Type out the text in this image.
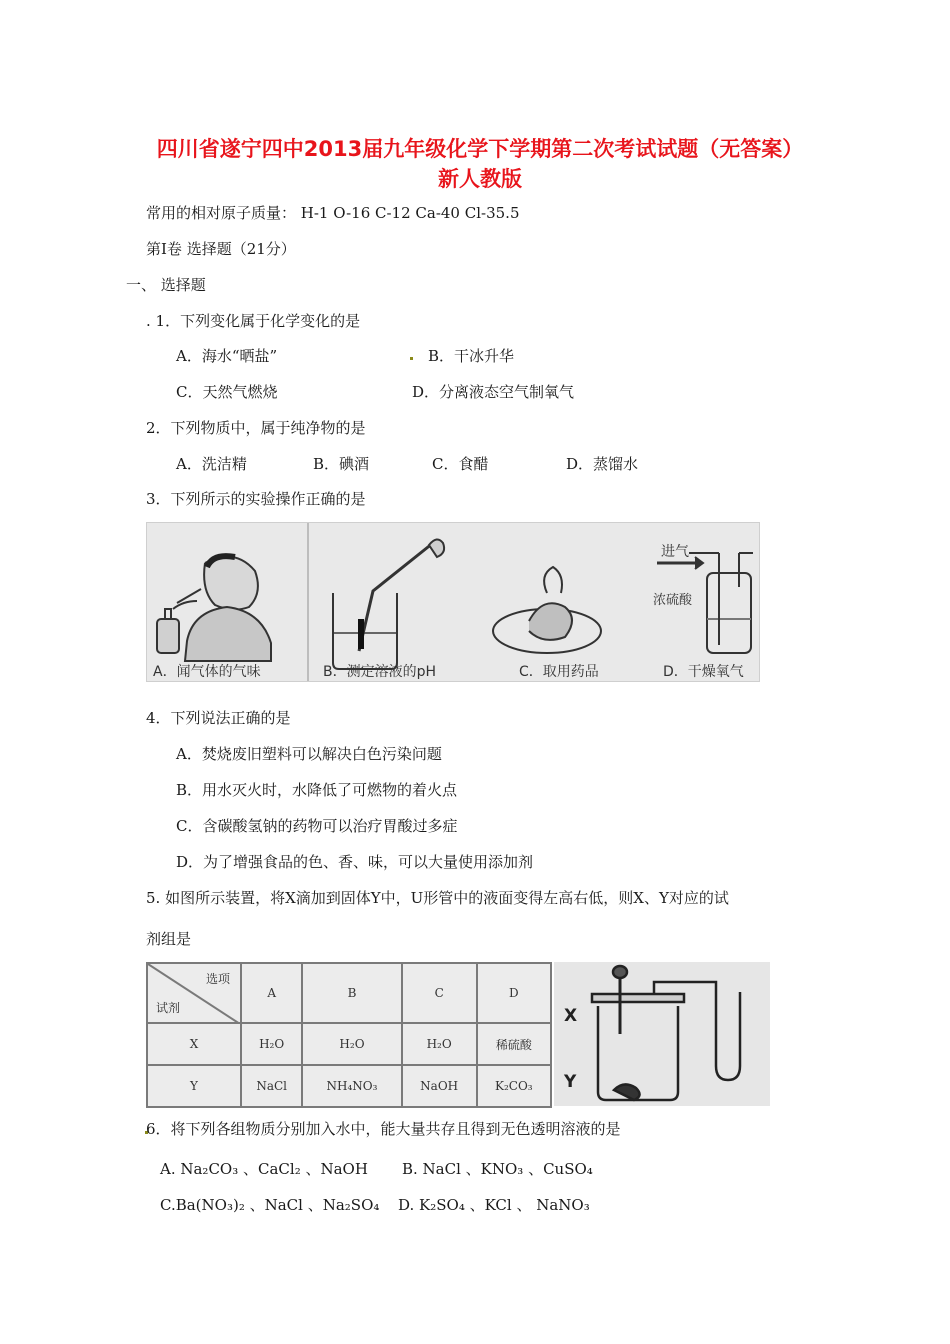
四川省遂宁四中2013届九年级化学下学期第二次考试试题（无答案） 新人教版
常用的相对原子质量： H-1 O-16 C-12 Ca-40 Cl-35.5
第Ⅰ卷 选择题（21分）
一、 选择题
. 1．下列变化属于化学变化的是
A．海水“晒盐”	B．干冰升华
C．天然气燃烧	D．分离液态空气制氧气
2．下列物质中，属于纯净物的是
A．洗洁精	B．碘酒	C．食醋	D．蒸馏水
3．下列所示的实验操作正确的是
进气
浓硫酸
A．闻气体的气味	B．测定溶液的pH	C．取用药品	D．干燥氧气
4．下列说法正确的是
A．焚烧废旧塑料可以解决白色污染问题
B．用水灭火时，水降低了可燃物的着火点
C．含碳酸氢钠的药物可以治疗胃酸过多症
D．为了增强食品的色、香、味，可以大量使用添加剂
5. 如图所示装置，将X滴加到固体Y中，U形管中的液面变得左高右低，则X、Y对应的试
剂组是
选项
试剂	A	B	C	D
X	H₂O	H₂O	H₂O	稀硫酸
Y	NaCl	NH₄NO₃	NaOH	K₂CO₃
X
Y
6．将下列各组物质分别加入水中，能大量共存且得到无色透明溶液的是
A. Na₂CO₃ 、CaCl₂ 、NaOH B. NaCl 、KNO₃ 、CuSO₄
C.Ba(NO₃)₂ 、NaCl 、Na₂SO₄ D. K₂SO₄ 、KCl 、 NaNO₃
